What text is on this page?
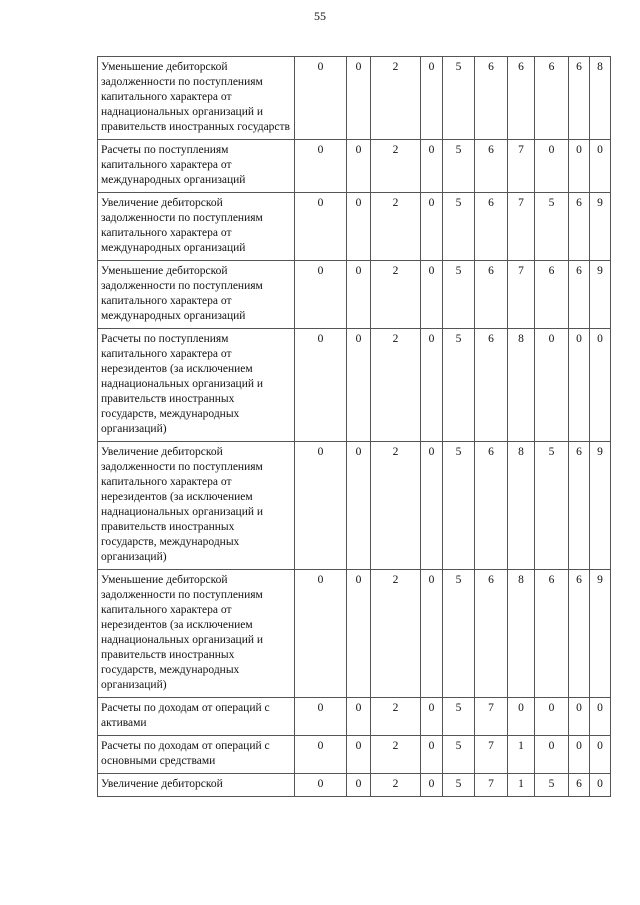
55
Уменьшение дебиторской задолженности по поступлениям капитального характера от наднациональных организаций и правительств иностранных государств	0	0	2	0	5	6	6	6	6	8
Расчеты по поступлениям капитального характера от международных организаций	0	0	2	0	5	6	7	0	0	0
Увеличение дебиторской задолженности по поступлениям капитального характера от международных организаций	0	0	2	0	5	6	7	5	6	9
Уменьшение дебиторской задолженности по поступлениям капитального характера от международных организаций	0	0	2	0	5	6	7	6	6	9
Расчеты по поступлениям капитального характера от нерезидентов (за исключением наднациональных организаций и правительств иностранных государств, международных организаций)	0	0	2	0	5	6	8	0	0	0
Увеличение дебиторской задолженности по поступлениям капитального характера от нерезидентов (за исключением наднациональных организаций и правительств иностранных государств, международных организаций)	0	0	2	0	5	6	8	5	6	9
Уменьшение дебиторской задолженности по поступлениям капитального характера от нерезидентов (за исключением наднациональных организаций и правительств иностранных государств, международных организаций)	0	0	2	0	5	6	8	6	6	9
Расчеты по доходам от операций с активами	0	0	2	0	5	7	0	0	0	0
Расчеты по доходам от операций с основными средствами	0	0	2	0	5	7	1	0	0	0
Увеличение дебиторской	0	0	2	0	5	7	1	5	6	0
